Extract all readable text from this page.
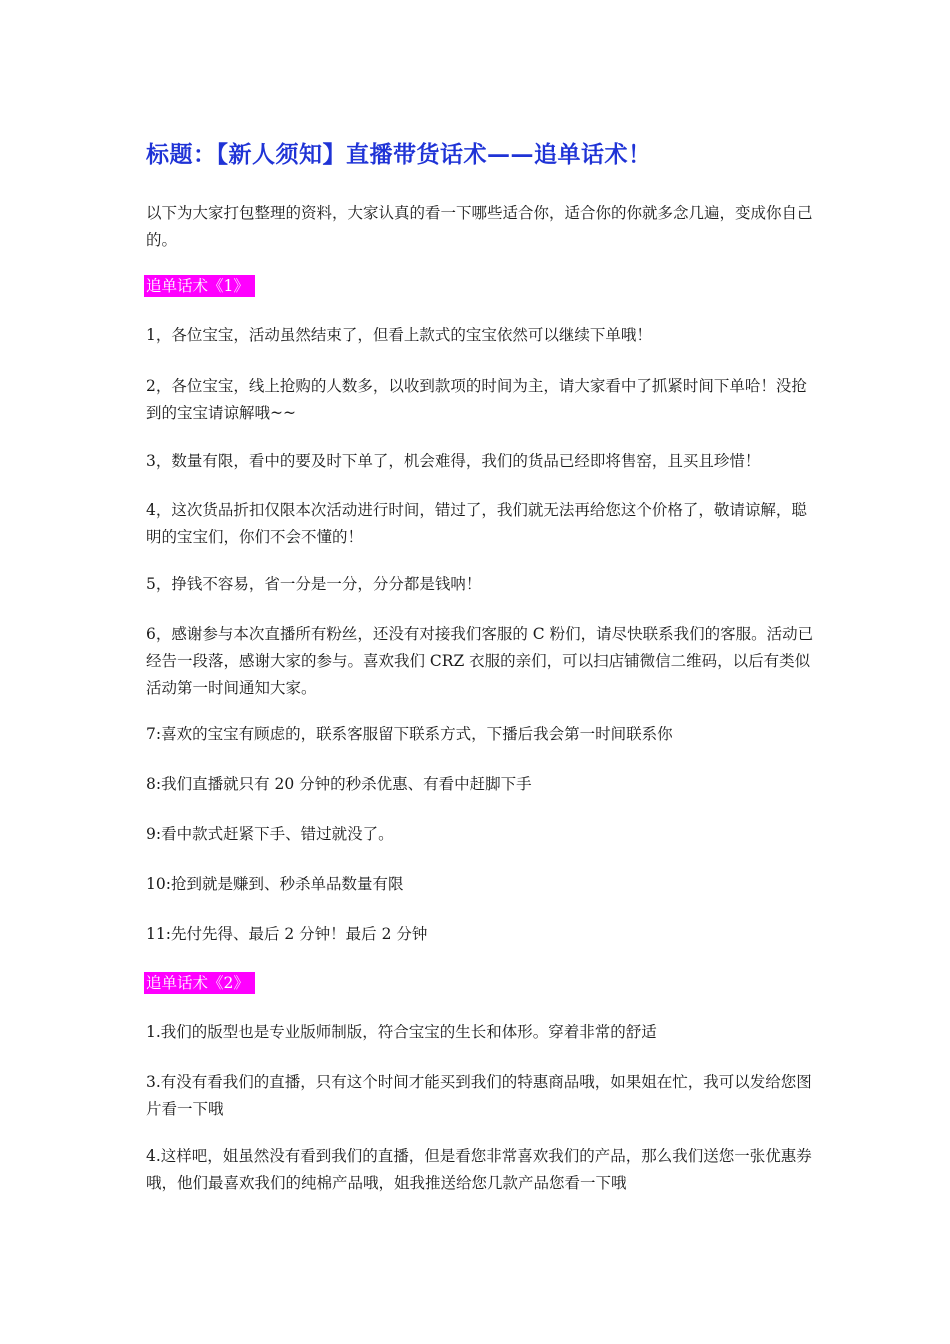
标题：【新人须知】直播带货话术——追单话术！
以下为大家打包整理的资料，大家认真的看一下哪些适合你，适合你的你就多念几遍，变成你自己的。
追单话术《1》
1，各位宝宝，活动虽然结束了，但看上款式的宝宝依然可以继续下单哦！
2，各位宝宝，线上抢购的人数多，以收到款项的时间为主，请大家看中了抓紧时间下单哈！没抢到的宝宝请谅解哦~~
3，数量有限，看中的要及时下单了，机会难得，我们的货品已经即将售窑，且买且珍惜！
4，这次货品折扣仅限本次活动进行时间，错过了，我们就无法再给您这个价格了，敬请谅解，聪明的宝宝们，你们不会不懂的！
5，挣钱不容易，省一分是一分，分分都是钱呐！
6，感谢参与本次直播所有粉丝，还没有对接我们客服的 C 粉们，请尽快联系我们的客服。活动已经告一段落，感谢大家的参与。喜欢我们 CRZ 衣服的亲们，可以扫店铺微信二维码，以后有类似活动第一时间通知大家。
7:喜欢的宝宝有顾虑的，联系客服留下联系方式，下播后我会第一时间联系你
8:我们直播就只有 20 分钟的秒杀优惠、有看中赶脚下手
9:看中款式赶紧下手、错过就没了。
10:抢到就是赚到、秒杀单品数量有限
11:先付先得、最后 2 分钟！最后 2 分钟
追单话术《2》
1.我们的版型也是专业版师制版，符合宝宝的生长和体形。穿着非常的舒适
3.有没有看我们的直播，只有这个时间才能买到我们的特惠商品哦，如果姐在忙，我可以发给您图片看一下哦
4.这样吧，姐虽然没有看到我们的直播，但是看您非常喜欢我们的产品，那么我们送您一张优惠券哦，他们最喜欢我们的纯棉产品哦，姐我推送给您几款产品您看一下哦
